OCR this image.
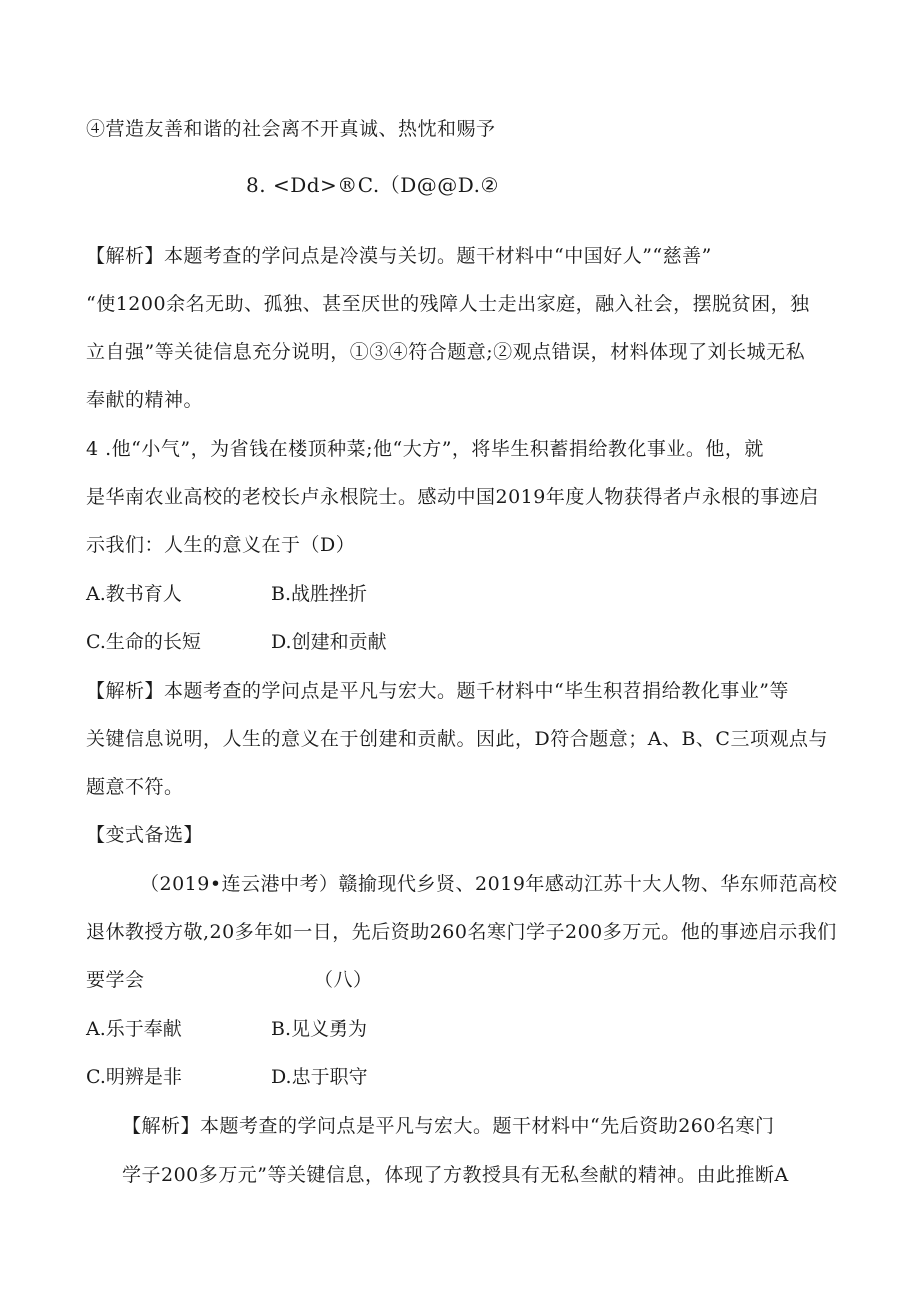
④营造友善和谐的社会离不开真诚、热忱和赐予
8. <Dd>®C.（D@@D.②
【解析】本题考查的学问点是冷漠与关切。题干材料中“中国好人”“慈善”
“使1200余名无助、孤独、甚至厌世的残障人士走出家庭，融入社会，摆脱贫困，独
立自强”等关徒信息充分说明，①③④符合题意;②观点错误，材料体现了刘长城无私
奉献的精神。
4 .他“小气”，为省钱在楼顶种菜;他“大方”，将毕生积蓄捐给教化事业。他，就
是华南农业高校的老校长卢永根院士。感动中国2019年度人物获得者卢永根的事迹启
示我们：人生的意义在于（D）
A.教书育人	B.战胜挫折
C.生命的长短	D.创建和贡献
【解析】本题考查的学问点是平凡与宏大。题千材料中“毕生积苕捐给教化事业”等
关键信息说明，人生的意义在于创建和贡献。因此，D符合题意；A、B、C三项观点与
题意不符。
【变式备选】
（2019•连云港中考）赣揄现代乡贤、2019年感动江苏十大人物、华东师范高校
退休教授方敬,20多年如一日，先后资助260名寒门学子200多万元。他的事迹启示我们
要学会	（八）
A.乐于奉献	B.见义勇为
C.明辨是非	D.忠于职守
【解析】本题考查的学问点是平凡与宏大。题干材料中“先后资助260名寒门
学子200多万元”等关键信息，体现了方教授具有无私叁献的精神。由此推断A
